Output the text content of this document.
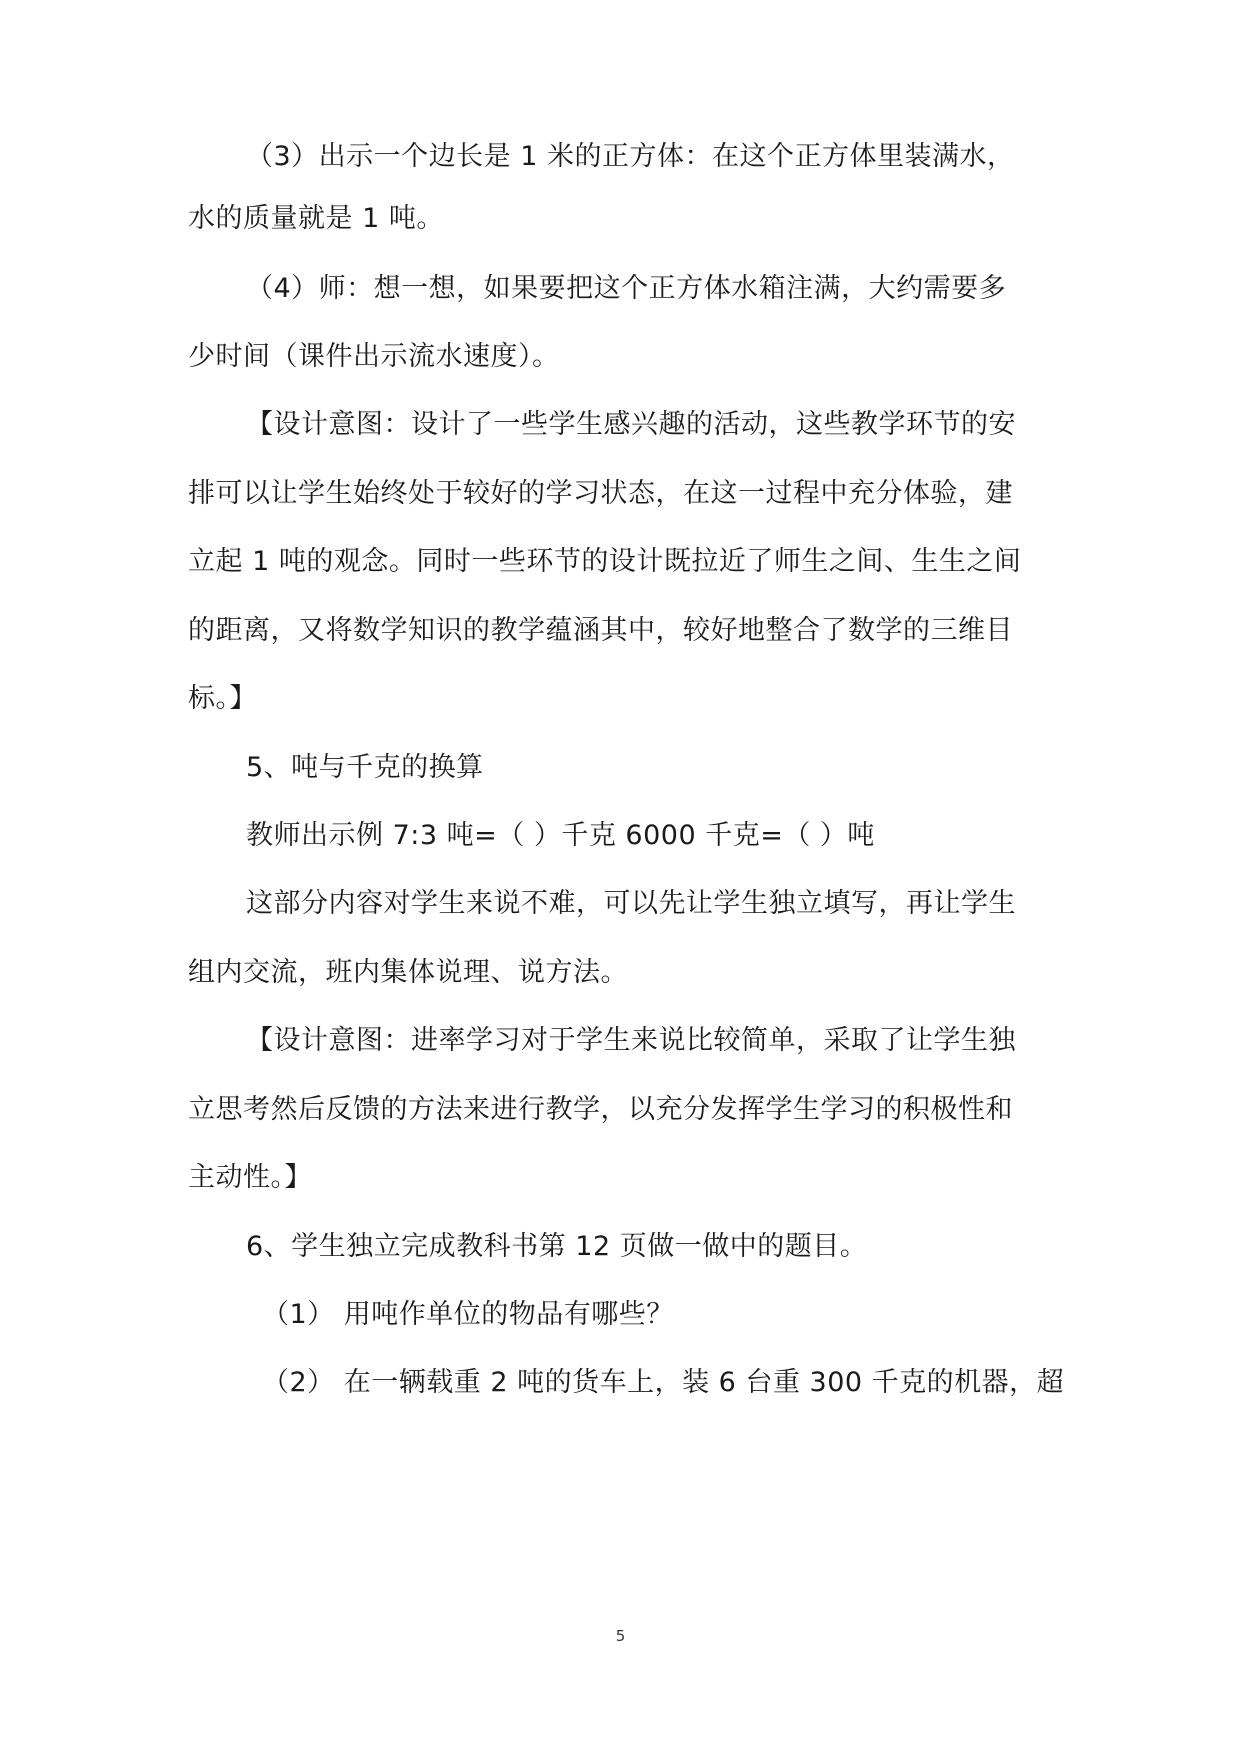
（3）出示一个边长是 1 米的正方体：在这个正方体里装满水，
水的质量就是 1 吨。
（4）师：想一想，如果要把这个正方体水箱注满，大约需要多
少时间（课件出示流水速度）。
【设计意图：设计了一些学生感兴趣的活动，这些教学环节的安
排可以让学生始终处于较好的学习状态，在这一过程中充分体验，建
立起 1 吨的观念。同时一些环节的设计既拉近了师生之间、生生之间
的距离，又将数学知识的教学蕴涵其中，较好地整合了数学的三维目
标。】
5、吨与千克的换算
教师出示例 7:3 吨=（ ）千克 6000 千克=（ ）吨
这部分内容对学生来说不难，可以先让学生独立填写，再让学生
组内交流，班内集体说理、说方法。
【设计意图：进率学习对于学生来说比较简单，采取了让学生独
立思考然后反馈的方法来进行教学，以充分发挥学生学习的积极性和
主动性。】
6、学生独立完成教科书第 12 页做一做中的题目。
（1） 用吨作单位的物品有哪些？
（2） 在一辆载重 2 吨的货车上，装 6 台重 300 千克的机器，超
5
